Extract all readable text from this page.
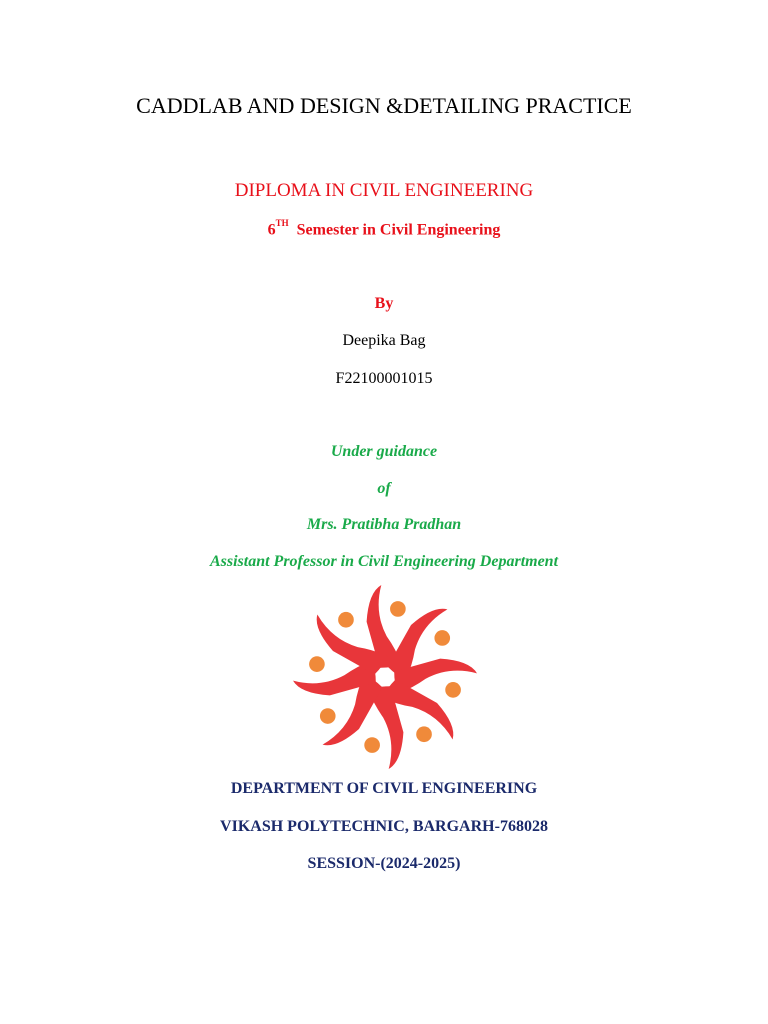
CADDLAB AND DESIGN &DETAILING PRACTICE
DIPLOMA IN CIVIL ENGINEERING
6TH Semester in Civil Engineering
By
Deepika Bag
F22100001015
Under guidance
of
Mrs. Pratibha Pradhan
Assistant Professor in Civil Engineering Department
DEPARTMENT OF CIVIL ENGINEERING
VIKASH POLYTECHNIC, BARGARH-768028
SESSION-(2024-2025)
